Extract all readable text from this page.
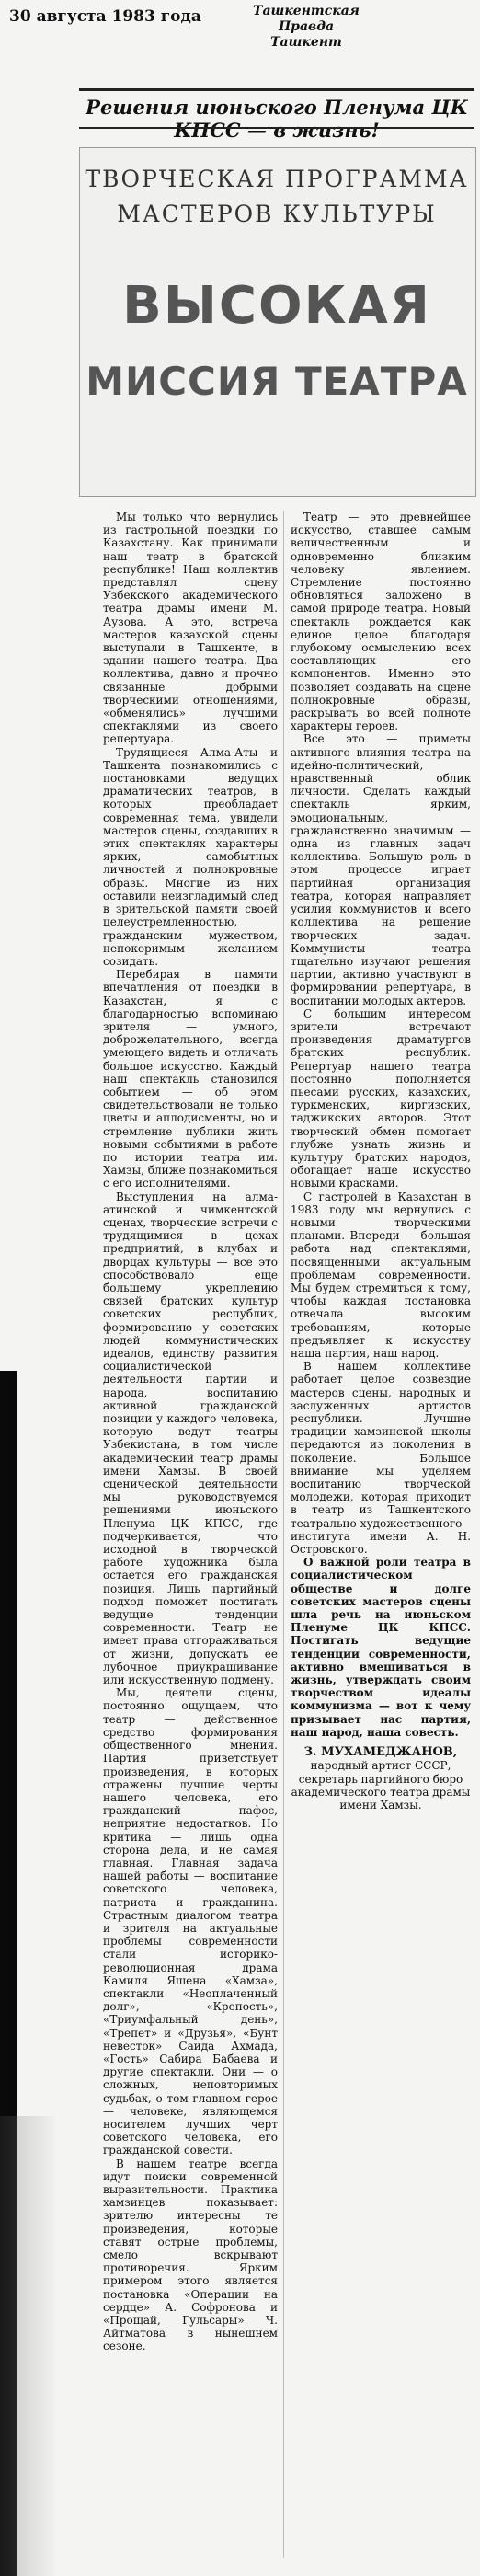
30 августа 1983 года	Ташкентская Правда
Ташкент
Решения июньского Пленума ЦК КПСС — в жизнь!
ТВОРЧЕСКАЯ ПРОГРАММА
МАСТЕРОВ КУЛЬТУРЫ
ВЫСОКАЯ
МИССИЯ ТЕАТРА

Мы только что вернулись из гастрольной поездки по Казахстану. Как принимали наш театр в братской республике! Наш коллектив представлял сцену Узбекского академического театра драмы имени М. Аузова. А это, встреча мастеров казахской сцены выступали в Ташкенте, в здании нашего театра. Два коллектива, давно и прочно связанные добрыми творческими отношениями, «обменялись» лучшими спектаклями из своего репертуара.

Трудящиеся Алма-Аты и Ташкента познакомились с постановками ведущих драматических театров, в которых преобладает современная тема, увидели мастеров сцены, создавших в этих спектаклях характеры ярких, самобытных личностей и полнокровные образы. Многие из них оставили неизгладимый след в зрительской памяти своей целеустремленностью, гражданским мужеством, непокоримым желанием созидать.

Перебирая в памяти впечатления от поездки в Казахстан, я с благодарностью вспоминаю зрителя — умного, доброжелательного, всегда умеющего видеть и отличать большое искусство. Каждый наш спектакль становился событием — об этом свидетельствовали не только цветы и аплодисменты, но и стремление публики жить новыми событиями в работе по истории театра им. Хамзы, ближе познакомиться с его исполнителями.

Выступления на алма-атинской и чимкентской сценах, творческие встречи с трудящимися в цехах предприятий, в клубах и дворцах культуры — все это способствовало еще большему укреплению связей братских культур советских республик, формированию у советских людей коммунистических идеалов, единству развития социалистической деятельности партии и народа, воспитанию активной гражданской позиции у каждого человека, которую ведут театры Узбекистана, в том числе академический театр драмы имени Хамзы. В своей сценической деятельности мы руководствуемся решениями июньского Пленума ЦК КПСС, где подчеркивается, что исходной в творческой работе художника была остается его гражданская позиция. Лишь партийный подход поможет постигать ведущие тенденции современности. Театр не имеет права отгораживаться от жизни, допускать ее лубочное приукрашивание или искусственную подмену.

Мы, деятели сцены, постоянно ощущаем, что театр — действенное средство формирования общественного мнения. Партия приветствует произведения, в которых отражены лучшие черты нашего человека, его гражданский пафос, неприятие недостатков. Но критика — лишь одна сторона дела, и не самая главная. Главная задача нашей работы — воспитание советского человека, патриота и гражданина. Страстным диалогом театра и зрителя на актуальные проблемы современности стали историко-революционная драма Камиля Яшена «Хамза», спектакли «Неоплаченный долг», «Крепость», «Триумфальный день», «Трепет» и «Друзья», «Бунт невесток» Саида Ахмада, «Гость» Сабира Бабаева и другие спектакли. Они — о сложных, неповторимых судьбах, о том главном герое — человеке, являющемся носителем лучших черт советского человека, его гражданской совести.

В нашем театре всегда идут поиски современной выразительности. Практика хамзинцев показывает: зрителю интересны те произведения, которые ставят острые проблемы, смело вскрывают противоречия. Ярким примером этого является постановка «Операции на сердце» А. Софронова и «Прощай, Гульсары» Ч. Айтматова в нынешнем сезоне.

Театр — это древнейшее искусство, ставшее самым величественным и одновременно близким человеку явлением. Стремление постоянно обновляться заложено в самой природе театра. Новый спектакль рождается как единое целое благодаря глубокому осмыслению всех составляющих его компонентов. Именно это позволяет создавать на сцене полнокровные образы, раскрывать во всей полноте характеры героев.

Все это — приметы активного влияния театра на идейно-политический, нравственный облик личности. Сделать каждый спектакль ярким, эмоциональным, гражданственно значимым — одна из главных задач коллектива. Большую роль в этом процессе играет партийная организация театра, которая направляет усилия коммунистов и всего коллектива на решение творческих задач. Коммунисты театра тщательно изучают решения партии, активно участвуют в формировании репертуара, в воспитании молодых актеров.

С большим интересом зрители встречают произведения драматургов братских республик. Репертуар нашего театра постоянно пополняется пьесами русских, казахских, туркменских, киргизских, таджикских авторов. Этот творческий обмен помогает глубже узнать жизнь и культуру братских народов, обогащает наше искусство новыми красками.

С гастролей в Казахстан в 1983 году мы вернулись с новыми творческими планами. Впереди — большая работа над спектаклями, посвященными актуальным проблемам современности. Мы будем стремиться к тому, чтобы каждая постановка отвечала высоким требованиям, которые предъявляет к искусству наша партия, наш народ.

В нашем коллективе работает целое созвездие мастеров сцены, народных и заслуженных артистов республики. Лучшие традиции хамзинской школы передаются из поколения в поколение. Большое внимание мы уделяем воспитанию творческой молодежи, которая приходит в театр из Ташкентского театрально-художественного института имени А. Н. Островского.

О важной роли театра в социалистическом обществе и долге советских мастеров сцены шла речь на июньском Пленуме ЦК КПСС. Постигать ведущие тенденции современности, активно вмешиваться в жизнь, утверждать своим творчеством идеалы коммунизма — вот к чему призывает нас партия, наш народ, наша совесть.

З. МУХАМЕДЖАНОВ,
народный артист СССР, секретарь партийного бюро академического театра драмы имени Хамзы.
